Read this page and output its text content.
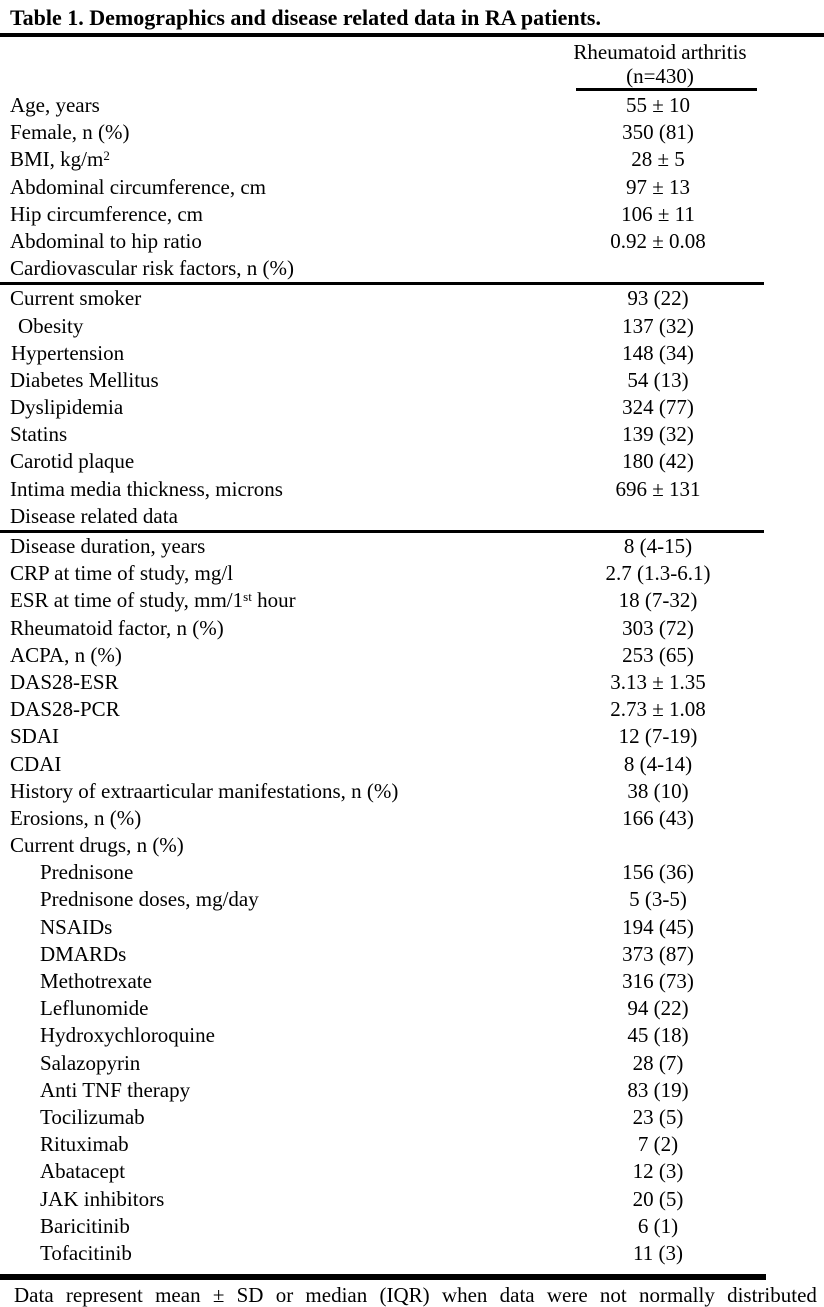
Table 1. Demographics and disease related data in RA patients.
Rheumatoid arthritis
(n=430)
Age, years	55 ± 10
Female, n (%)	350 (81)
BMI, $kg/m^2$	28 ± 5
Abdominal circumference, cm	97 ± 13
Hip circumference, cm	106 ± 11
Abdominal to hip ratio	0.92 ± 0.08
Cardiovascular risk factors, n (%)
Current smoker	93 (22)
Obesity	137 (32)
Hypertension	148 (34)
Diabetes Mellitus	54 (13)
Dyslipidemia	324 (77)
Statins	139 (32)
Carotid plaque	180 (42)
Intima media thickness, microns	696 ± 131
Disease related data
Disease duration, years	8 (4-15)
CRP at time of study, mg/l	2.7 (1.3-6.1)
ESR at time of study, mm/1st hour	18 (7-32)
Rheumatoid factor, n (%)	303 (72)
ACPA, n (%)	253 (65)
DAS28-ESR	3.13 ± 1.35
DAS28-PCR	2.73 ± 1.08
SDAI	12 (7-19)
CDAI	8 (4-14)
History of extraarticular manifestations, n (%)	38 (10)
Erosions, n (%)	166 (43)
Current drugs, n (%)
Prednisone	156 (36)
Prednisone doses, mg/day	5 (3-5)
NSAIDs	194 (45)
DMARDs	373 (87)
Methotrexate	316 (73)
Leflunomide	94 (22)
Hydroxychloroquine	45 (18)
Salazopyrin	28 (7)
Anti TNF therapy	83 (19)
Tocilizumab	23 (5)
Rituximab	7 (2)
Abatacept	12 (3)
JAK inhibitors	20 (5)
Baricitinib	6 (1)
Tofacitinib	11 (3)
Data represent mean ± SD or median (IQR) when data were not normally distributed
